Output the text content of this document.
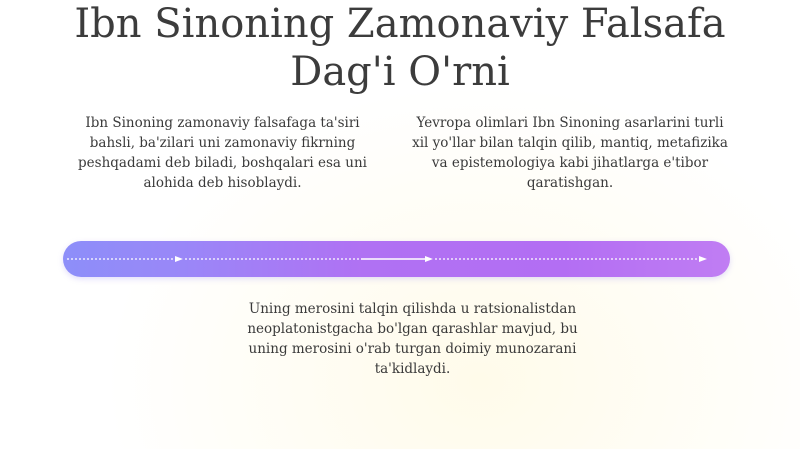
Ibn Sinoning Zamonaviy Falsafa
Dag'i O'rni
Ibn Sinoning zamonaviy falsafaga ta'siri bahsli, ba'zilari uni zamonaviy fikrning peshqadami deb biladi, boshqalari esa uni alohida deb hisoblaydi.
Yevropa olimlari Ibn Sinoning asarlarini turli xil yo'llar bilan talqin qilib, mantiq, metafizika va epistemologiya kabi jihatlarga e'tibor qaratishgan.
Uning merosini talqin qilishda u ratsionalistdan neoplatonistgacha bo'lgan qarashlar mavjud, bu uning merosini o'rab turgan doimiy munozarani ta'kidlaydi.
